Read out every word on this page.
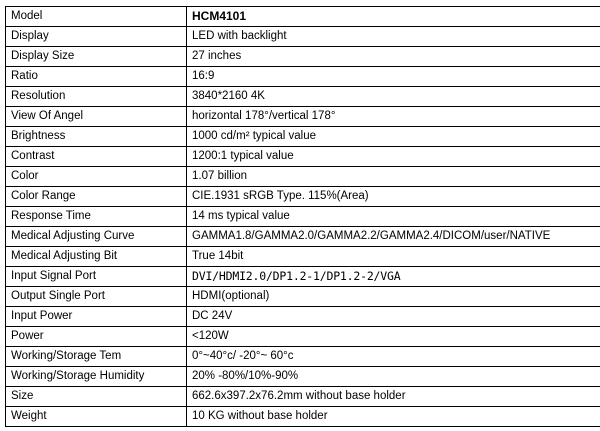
Model	HCM4101
Display	LED with backlight
Display Size	27 inches
Ratio	16:9
Resolution	3840*2160 4K
View Of Angel	horizontal 178°/vertical 178°
Brightness	1000 cd/m² typical value
Contrast	1200:1 typical value
Color	1.07 billion
Color Range	CIE.1931 sRGB Type. 115%(Area)
Response Time	14 ms typical value
Medical Adjusting Curve	GAMMA1.8/GAMMA2.0/GAMMA2.2/GAMMA2.4/DICOM/user/NATIVE
Medical Adjusting Bit	True 14bit
Input Signal Port	DVI/HDMI2.0/DP1.2-1/DP1.2-2/VGA
Output Single Port	HDMI(optional)
Input Power	DC 24V
Power	<120W
Working/Storage Tem	0°~40°c/ -20°~ 60°c
Working/Storage Humidity	20% -80%/10%-90%
Size	662.6x397.2x76.2mm without base holder
Weight	10 KG without base holder
